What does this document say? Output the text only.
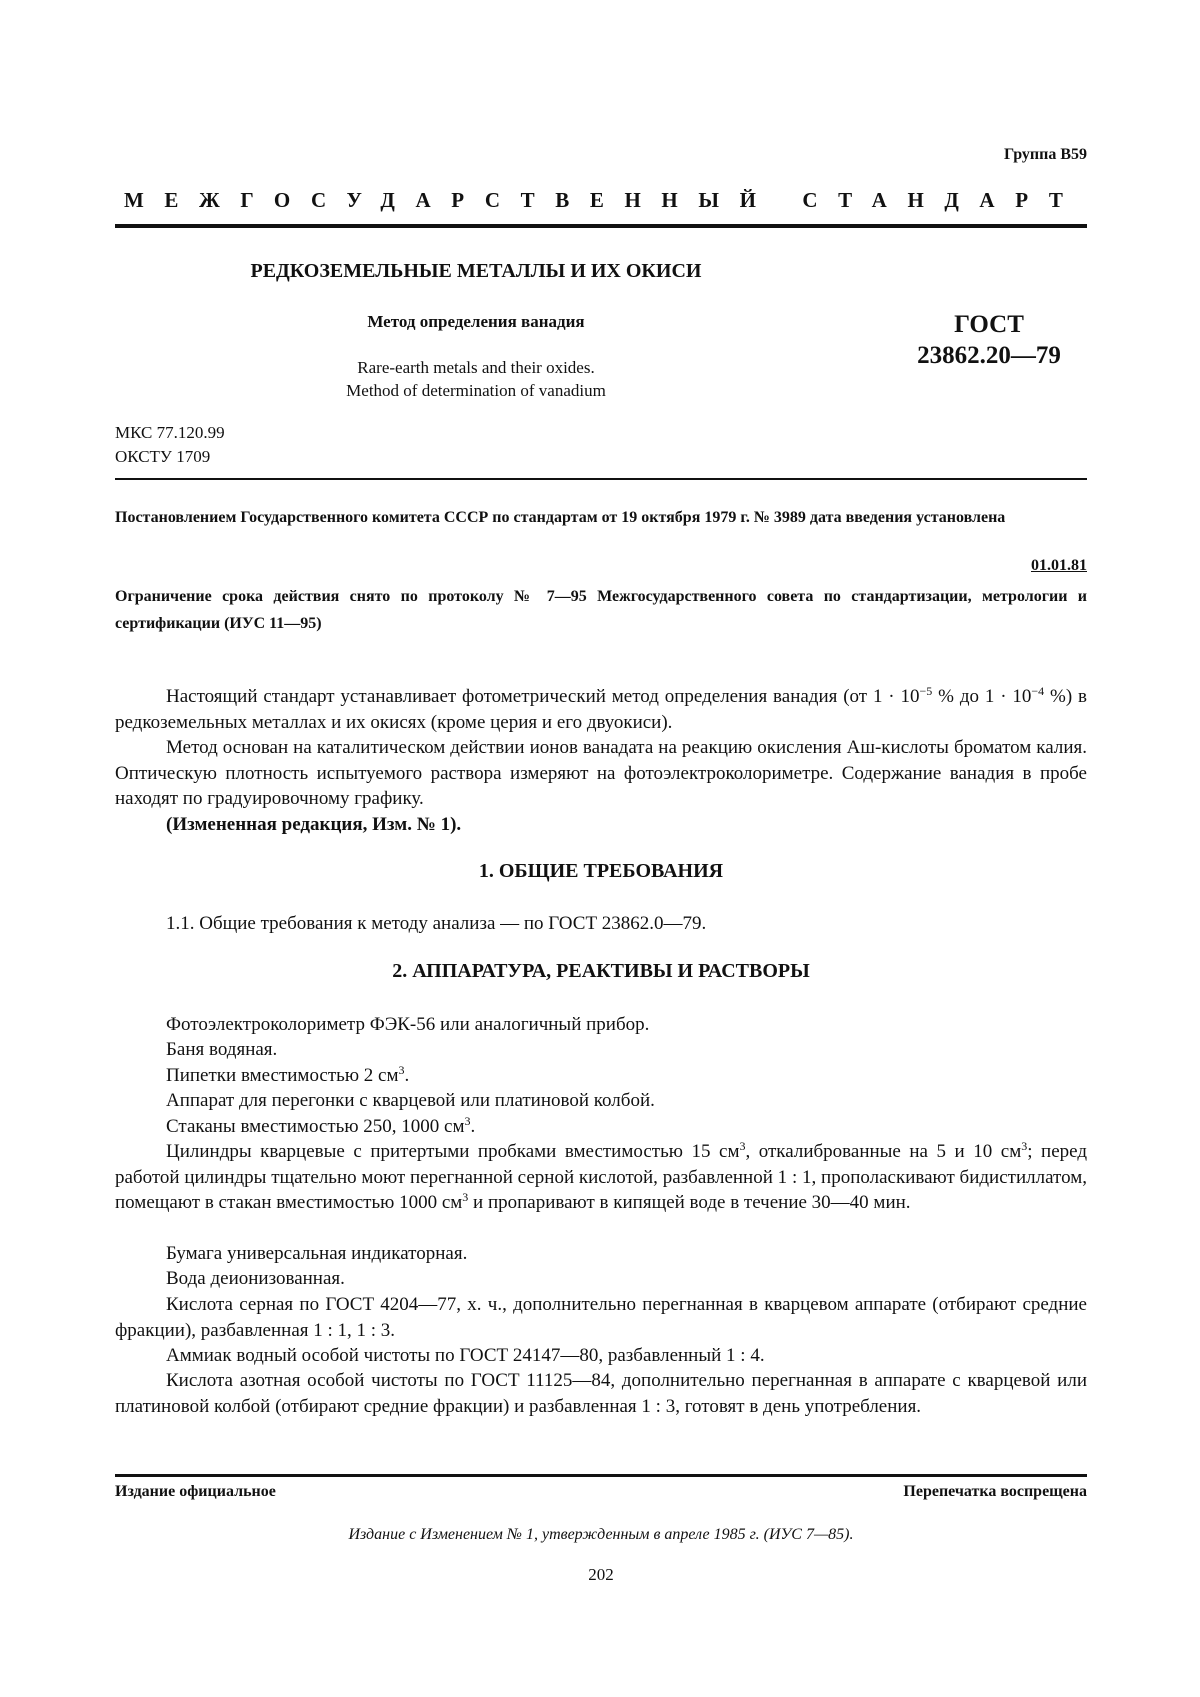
Группа В59
МЕЖГОСУДАРСТВЕННЫЙ СТАНДАРТ
РЕДКОЗЕМЕЛЬНЫЕ МЕТАЛЛЫ И ИХ ОКИСИ
Метод определения ванадия
Rare-earth metals and their oxides.
Method of determination of vanadium
ГОСТ
23862.20—79
МКС 77.120.99
ОКСТУ 1709
Постановлением Государственного комитета СССР по стандартам от 19 октября 1979 г. № 3989 дата введения установлена
01.01.81
Ограничение срока действия снято по протоколу № 7—95 Межгосударственного совета по стандартизации, метрологии и сертификации (ИУС 11—95)
Настоящий стандарт устанавливает фотометрический метод определения ванадия (от $1 \cdot 10^{-5}$ % до $1 \cdot 10^{-4}$ %) в редкоземельных металлах и их окисях (кроме церия и его двуокиси).
Метод основан на каталитическом действии ионов ванадата на реакцию окисления Аш-кислоты броматом калия. Оптическую плотность испытуемого раствора измеряют на фотоэлектроколориметре. Содержание ванадия в пробе находят по градуировочному графику.
(Измененная редакция, Изм. № 1).
1. ОБЩИЕ ТРЕБОВАНИЯ
1.1. Общие требования к методу анализа — по ГОСТ 23862.0—79.
2. АППАРАТУРА, РЕАКТИВЫ И РАСТВОРЫ
Фотоэлектроколориметр ФЭК-56 или аналогичный прибор.
Баня водяная.
Пипетки вместимостью 2 $см^3$.
Аппарат для перегонки с кварцевой или платиновой колбой.
Стаканы вместимостью 250, 1000 $см^3$.
Цилиндры кварцевые с притертыми пробками вместимостью 15 $см^3$, откалиброванные на 5 и 10 $см^3$; перед работой цилиндры тщательно моют перегнанной серной кислотой, разбавленной 1 : 1, прополаскивают бидистиллатом, помещают в стакан вместимостью 1000 $см^3$ и пропаривают в кипящей воде в течение 30—40 мин.
Бумага универсальная индикаторная.
Вода деионизованная.
Кислота серная по ГОСТ 4204—77, х. ч., дополнительно перегнанная в кварцевом аппарате (отбирают средние фракции), разбавленная 1 : 1, 1 : 3.
Аммиак водный особой чистоты по ГОСТ 24147—80, разбавленный 1 : 4.
Кислота азотная особой чистоты по ГОСТ 11125—84, дополнительно перегнанная в аппарате с кварцевой или платиновой колбой (отбирают средние фракции) и разбавленная 1 : 3, готовят в день употребления.
Издание официальное	Перепечатка воспрещена
Издание с Изменением № 1, утвержденным в апреле 1985 г. (ИУС 7—85).
202
